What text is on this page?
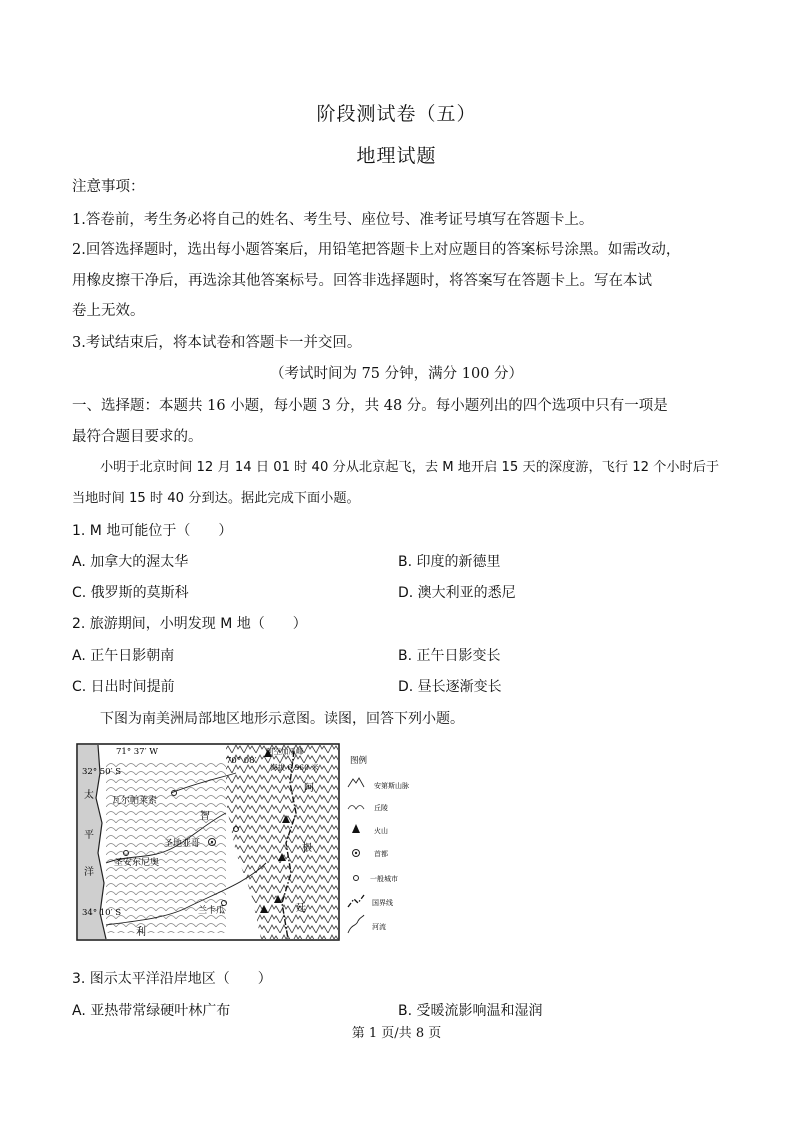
阶段测试卷（五）
地理试题
注意事项：
1.答卷前，考生务必将自己的姓名、考生号、座位号、准考证号填写在答题卡上。
2.回答选择题时，选出每小题答案后，用铅笔把答题卡上对应题目的答案标号涂黑。如需改动，
用橡皮擦干净后，再选涂其他答案标号。回答非选择题时，将答案写在答题卡上。写在本试
卷上无效。
3.考试结束后，将本试卷和答题卡一并交回。
（考试时间为 75 分钟，满分 100 分）
一、选择题：本题共 16 小题，每小题 3 分，共 48 分。每小题列出的四个选项中只有一项是
最符合题目要求的。
小明于北京时间 12 月 14 日 01 时 40 分从北京起飞，去 M 地开启 15 天的深度游，飞行 12 个小时后于
当地时间 15 时 40 分到达。据此完成下面小题。
1. M 地可能位于（　　）
A. 加拿大的渥太华	B. 印度的新德里
C. 俄罗斯的莫斯科	D. 澳大利亚的悉尼
2. 旅游期间，小明发现 M 地（　　）
A. 正午日影朝南	B. 正午日影变长
C. 日出时间提前	D. 昼长逐渐变长
下图为南美洲局部地区地形示意图。读图，回答下列小题。
71° 37′ W
70° 08′
32° 50′ S
34° 10′ S
阿空加瓜峰
海拔 6 960 米
太
平
洋
智
利
阿
根
廷
瓦尔帕莱索
圣地亚哥
圣安东尼奥
兰卡瓜
图例
安第斯山脉
丘陵
火山
首都
一般城市
国界线
河流
3. 图示太平洋沿岸地区（　　）
A. 亚热带常绿硬叶林广布	B. 受暖流影响温和湿润
第 1 页/共 8 页
